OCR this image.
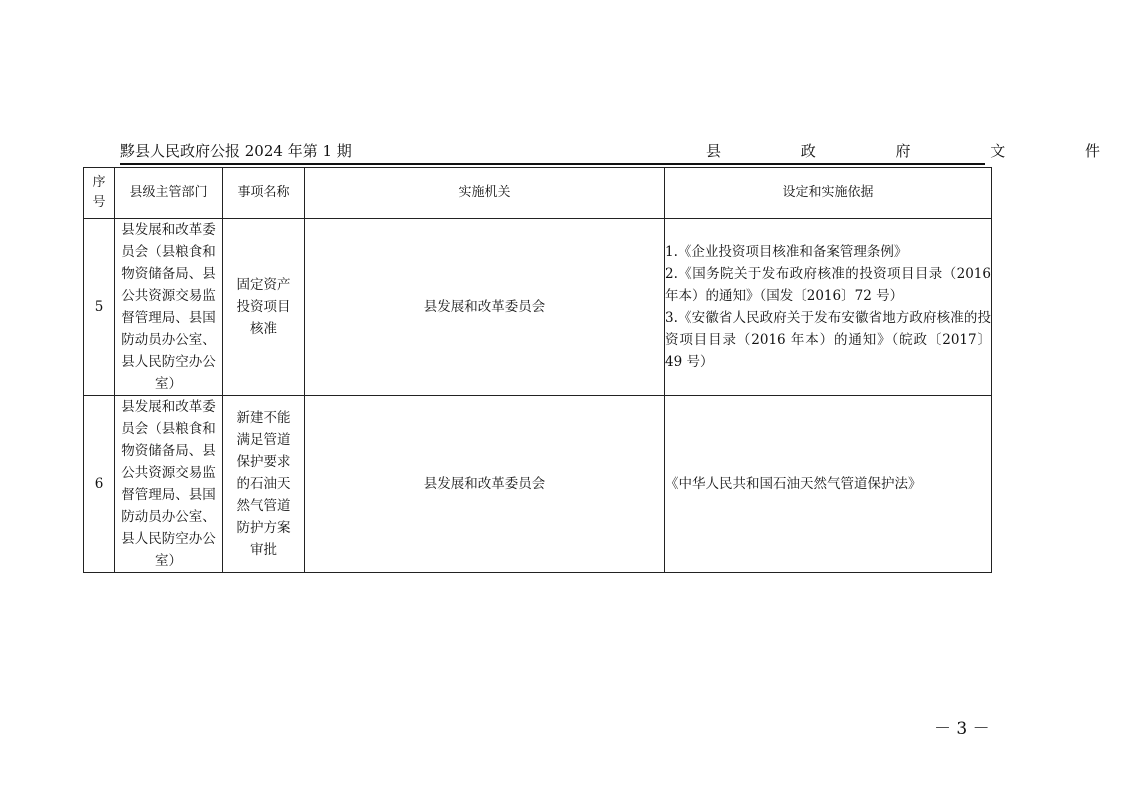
黟县人民政府公报 2024 年第 1 期	县	政	府	文	件
序号	县级主管部门	事项名称	实施机关	设定和实施依据
5	县发展和改革委员会（县粮食和物资储备局、县公共资源交易监督管理局、县国防动员办公室、县人民防空办公室）	固定资产投资项目核准	县发展和改革委员会	1.《企业投资项目核准和备案管理条例》
2.《国务院关于发布政府核准的投资项目目录（2016 年本）的通知》（国发〔2016〕72 号）
3.《安徽省人民政府关于发布安徽省地方政府核准的投资项目目录（2016 年本）的通知》（皖政〔2017〕49 号）

6	县发展和改革委员会（县粮食和物资储备局、县公共资源交易监督管理局、县国防动员办公室、县人民防空办公室）	新建不能满足管道保护要求的石油天然气管道防护方案审批	县发展和改革委员会	《中华人民共和国石油天然气管道保护法》
－ 3 －
